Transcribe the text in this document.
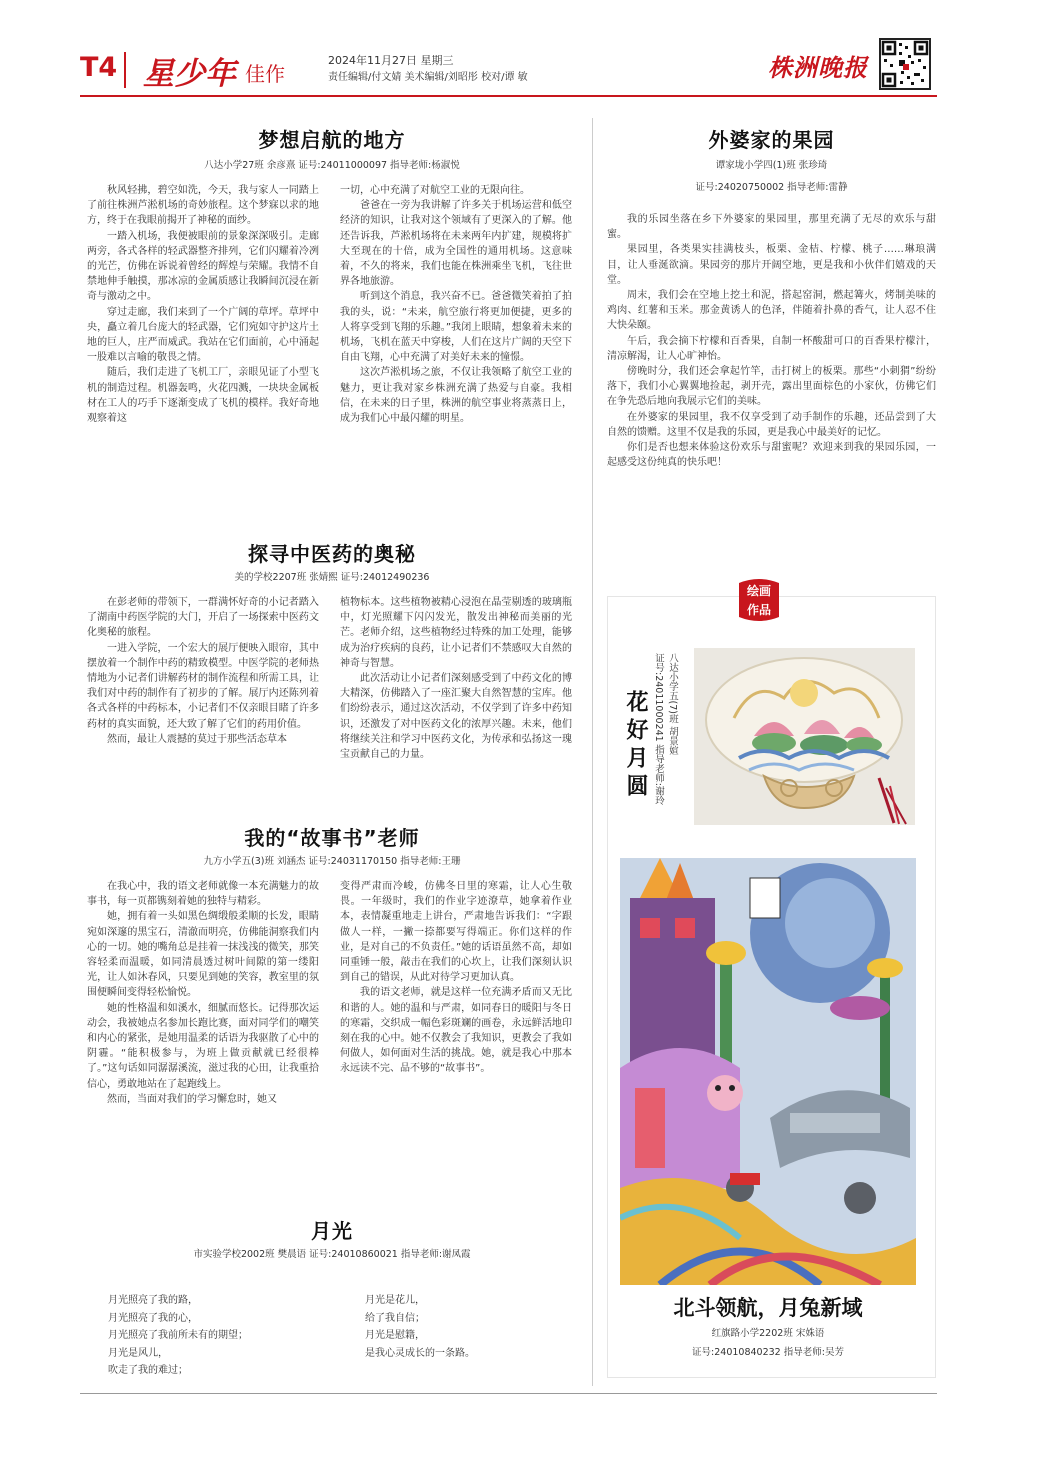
T4 星少年 佳作
2024年11月27日 星期三
责任编辑/付文婧 美术编辑/刘昭彤 校对/谭 敏	株洲晚报
梦想启航的地方
八达小学27班 余彦熹 证号:24011000097 指导老师:杨淑悦

秋风轻拂，碧空如洗，今天，我与家人一同踏上了前往株洲芦淞机场的奇妙旅程。这个梦寐以求的地方，终于在我眼前揭开了神秘的面纱。

一踏入机场，我便被眼前的景象深深吸引。走廊两旁，各式各样的轻武器整齐排列，它们闪耀着冷冽的光芒，仿佛在诉说着曾经的辉煌与荣耀。我情不自禁地伸手触摸，那冰凉的金属质感让我瞬间沉浸在新奇与激动之中。

穿过走廊，我们来到了一个广阔的草坪。草坪中央，矗立着几台庞大的轻武器，它们宛如守护这片土地的巨人，庄严而威武。我站在它们面前，心中涌起一股难以言喻的敬畏之情。

随后，我们走进了飞机工厂，亲眼见证了小型飞机的制造过程。机器轰鸣，火花四溅，一块块金属板材在工人的巧手下逐渐变成了飞机的模样。我好奇地观察着这

一切，心中充满了对航空工业的无限向往。

爸爸在一旁为我讲解了许多关于机场运营和低空经济的知识，让我对这个领域有了更深入的了解。他还告诉我，芦淞机场将在未来两年内扩建，规模将扩大至现在的十倍，成为全国性的通用机场。这意味着，不久的将来，我们也能在株洲乘坐飞机，飞往世界各地旅游。

听到这个消息，我兴奋不已。爸爸微笑着拍了拍我的头，说：“未来，航空旅行将更加便捷，更多的人将享受到飞翔的乐趣。”我闭上眼睛，想象着未来的机场，飞机在蓝天中穿梭，人们在这片广阔的天空下自由飞翔，心中充满了对美好未来的憧憬。

这次芦淞机场之旅，不仅让我领略了航空工业的魅力，更让我对家乡株洲充满了热爱与自豪。我相信，在未来的日子里，株洲的航空事业将蒸蒸日上，成为我们心中最闪耀的明星。

外婆家的果园
谭家垅小学四(1)班 张珍琦
证号:24020750002 指导老师:雷静

我的乐园坐落在乡下外婆家的果园里，那里充满了无尽的欢乐与甜蜜。

果园里，各类果实挂满枝头，板栗、金桔、柠檬、桃子……琳琅满目，让人垂涎欲滴。果园旁的那片开阔空地，更是我和小伙伴们嬉戏的天堂。

周末，我们会在空地上挖土和泥，搭起窑洞，燃起篝火，烤制美味的鸡肉、红薯和玉米。那金黄诱人的色泽，伴随着扑鼻的香气，让人忍不住大快朵颐。

午后，我会摘下柠檬和百香果，自制一杯酸甜可口的百香果柠檬汁，清凉解渴，让人心旷神怡。

傍晚时分，我们还会拿起竹竿，击打树上的板栗。那些“小刺猬”纷纷落下，我们小心翼翼地捡起，剥开壳，露出里面棕色的小家伙，仿佛它们在争先恐后地向我展示它们的美味。

在外婆家的果园里，我不仅享受到了动手制作的乐趣，还品尝到了大自然的馈赠。这里不仅是我的乐园，更是我心中最美好的记忆。

你们是否也想来体验这份欢乐与甜蜜呢？欢迎来到我的果园乐园，一起感受这份纯真的快乐吧！

探寻中医药的奥秘
美的学校2207班 张婧熙 证号:24012490236

在彭老师的带领下，一群满怀好奇的小记者踏入了湖南中药医学院的大门，开启了一场探索中医药文化奥秘的旅程。

一进入学院，一个宏大的展厅便映入眼帘，其中摆放着一个制作中药的精致模型。中医学院的老师热情地为小记者们讲解药材的制作流程和所需工具，让我们对中药的制作有了初步的了解。展厅内还陈列着各式各样的中药标本，小记者们不仅亲眼目睹了许多药材的真实面貌，还大致了解了它们的药用价值。

然而，最让人震撼的莫过于那些活态草本

植物标本。这些植物被精心浸泡在晶莹剔透的玻璃瓶中，灯光照耀下闪闪发光，散发出神秘而美丽的光芒。老师介绍，这些植物经过特殊的加工处理，能够成为治疗疾病的良药，让小记者们不禁感叹大自然的神奇与智慧。

此次活动让小记者们深刻感受到了中药文化的博大精深，仿佛踏入了一座汇聚大自然智慧的宝库。他们纷纷表示，通过这次活动，不仅学到了许多中药知识，还激发了对中医药文化的浓厚兴趣。未来，他们将继续关注和学习中医药文化，为传承和弘扬这一瑰宝贡献自己的力量。

我的“故事书”老师
九方小学五(3)班 刘涵杰 证号:24031170150 指导老师:王珊

在我心中，我的语文老师就像一本充满魅力的故事书，每一页都镌刻着她的独特与精彩。

她，拥有着一头如黑色绸缎般柔顺的长发，眼睛宛如深邃的黑宝石，清澈而明亮，仿佛能洞察我们内心的一切。她的嘴角总是挂着一抹浅浅的微笑，那笑容轻柔而温暖，如同清晨透过树叶间隙的第一缕阳光，让人如沐春风，只要见到她的笑容，教室里的氛围便瞬间变得轻松愉悦。

她的性格温和如溪水，细腻而悠长。记得那次运动会，我被她点名参加长跑比赛，面对同学们的嘲笑和内心的紧张，是她用温柔的话语为我驱散了心中的阴霾。“能积极参与，为班上做贡献就已经很棒了。”这句话如同潺潺溪流，滋过我的心田，让我重拾信心，勇敢地站在了起跑线上。

然而，当面对我们的学习懈怠时，她又

变得严肃而冷峻，仿佛冬日里的寒霜，让人心生敬畏。一年级时，我们的作业字迹潦草，她拿着作业本，表情凝重地走上讲台，严肃地告诉我们：“字跟做人一样，一撇一捺都要写得端正。你们这样的作业，是对自己的不负责任。”她的话语虽然不高，却如同重锤一般，敲击在我们的心坎上，让我们深刻认识到自己的错误，从此对待学习更加认真。

我的语文老师，就是这样一位充满矛盾而又无比和谐的人。她的温和与严肃，如同春日的暖阳与冬日的寒霜，交织成一幅色彩斑斓的画卷，永远鲜活地印刻在我的心中。她不仅教会了我知识，更教会了我如何做人，如何面对生活的挑战。她，就是我心中那本永远读不完、品不够的“故事书”。

月光
市实验学校2002班 樊晨语 证号:24010860021 指导老师:谢凤霞
月光照亮了我的路，
月光照亮了我的心，
月光照亮了我前所未有的期望；
月光是风儿，
吹走了我的难过；
月光是花儿，
给了我自信；
月光是慰籍，
是我心灵成长的一条路。
绘画
作品
花好月圆	八达小学五(7)班 胡景媗
证号:24011000241 指导老师:谢玲
北斗领航，月兔新域
红旗路小学2202班 宋姝语
证号:24010840232 指导老师:吴芳
